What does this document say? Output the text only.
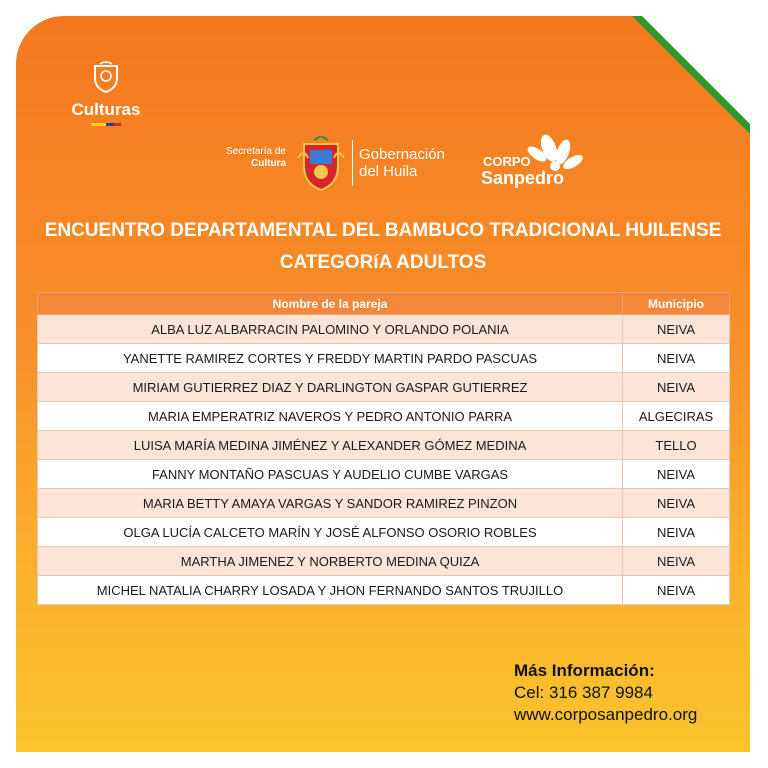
Culturas
Secretaría de
Cultura
Gobernación
del Huila
CORPO
Sanpedro
ENCUENTRO DEPARTAMENTAL DEL BAMBUCO TRADICIONAL HUILENSE
CATEGORíA ADULTOS
Nombre de la pareja	Municipio
ALBA LUZ ALBARRACIN PALOMINO Y ORLANDO POLANIA	NEIVA
YANETTE RAMIREZ CORTES Y FREDDY MARTIN PARDO PASCUAS	NEIVA
MIRIAM GUTIERREZ DIAZ Y DARLINGTON GASPAR GUTIERREZ	NEIVA
MARIA EMPERATRIZ NAVEROS Y PEDRO ANTONIO PARRA	ALGECIRAS
LUISA MARÍA MEDINA JIMÉNEZ Y ALEXANDER GÓMEZ MEDINA	TELLO
FANNY MONTAÑO PASCUAS Y AUDELIO CUMBE VARGAS	NEIVA
MARIA BETTY AMAYA VARGAS Y SANDOR RAMIREZ PINZON	NEIVA
OLGA LUCÍA CALCETO MARÍN Y JOSÉ ALFONSO OSORIO ROBLES	NEIVA
MARTHA JIMENEZ Y NORBERTO MEDINA QUIZA	NEIVA
MICHEL NATALIA CHARRY LOSADA Y JHON FERNANDO SANTOS TRUJILLO	NEIVA
Más Información:
Cel: 316 387 9984
www.corposanpedro.org
